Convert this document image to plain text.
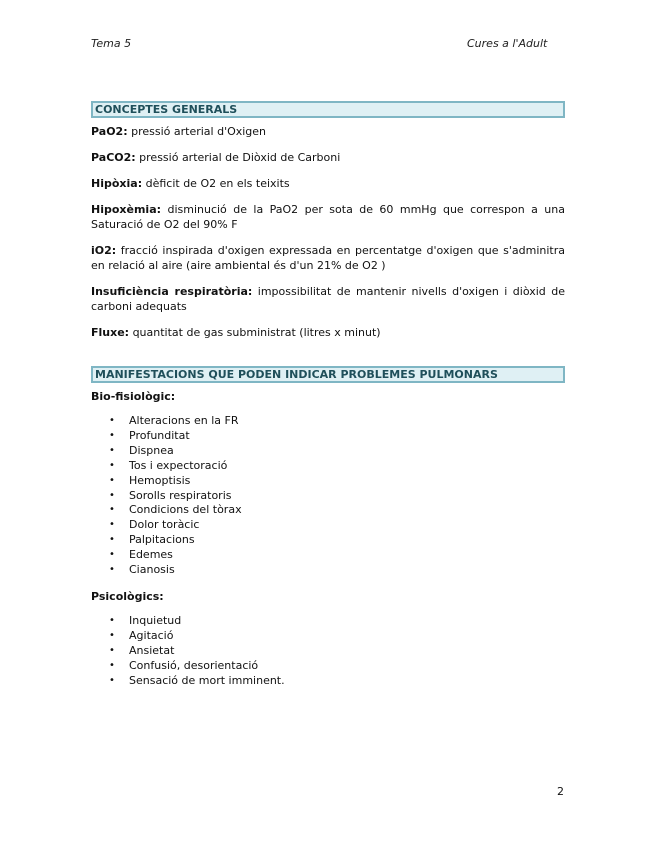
Tema 5	Cures a l'Adult
CONCEPTES GENERALS

PaO2: pressió arterial d'Oxigen

PaCO2: pressió arterial de Diòxid de Carboni

Hipòxia: dèficit de O2 en els teixits

Hipoxèmia: disminució de la PaO2 per sota de 60 mmHg que correspon a una Saturació de O2 del 90% F

iO2: fracció inspirada d'oxigen expressada en percentatge d'oxigen que s'adminitra en relació al aire (aire ambiental és d'un 21% de O2 )

Insuficiència respiratòria: impossibilitat de mantenir nivells d'oxigen i diòxid de carboni adequats

Fluxe: quantitat de gas subministrat (litres x minut)

MANIFESTACIONS QUE PODEN INDICAR PROBLEMES PULMONARS
Bio-fisiològic:
• Alteracions en la FR
• Profunditat
• Dispnea
• Tos i expectoració
• Hemoptisis
• Sorolls respiratoris
• Condicions del tòrax
• Dolor toràcic
• Palpitacions
• Edemes
• Cianosis
Psicològics:
• Inquietud
• Agitació
• Ansietat
• Confusió, desorientació
• Sensació de mort imminent.
2
